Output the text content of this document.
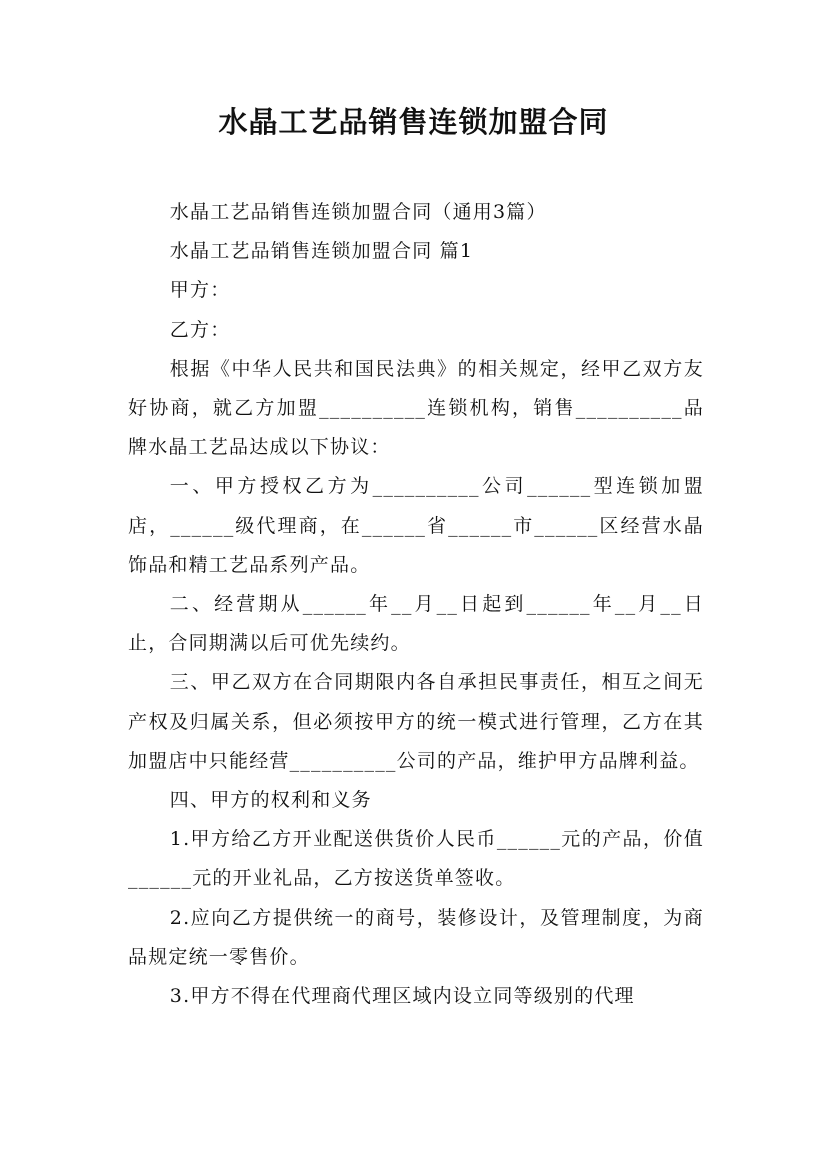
水晶工艺品销售连锁加盟合同

水晶工艺品销售连锁加盟合同（通用3篇）

水晶工艺品销售连锁加盟合同 篇1

甲方：

乙方：

根据《中华人民共和国民法典》的相关规定，经甲乙双方友好协商，就乙方加盟__________连锁机构，销售__________品牌水晶工艺品达成以下协议：

一、甲方授权乙方为__________公司______型连锁加盟店，______级代理商，在______省______市______区经营水晶饰品和精工艺品系列产品。

二、经营期从______年__月__日起到______年__月__日止，合同期满以后可优先续约。

三、甲乙双方在合同期限内各自承担民事责任，相互之间无产权及归属关系，但必须按甲方的统一模式进行管理，乙方在其加盟店中只能经营__________公司的产品，维护甲方品牌利益。

四、甲方的权利和义务

1.甲方给乙方开业配送供货价人民币______元的产品，价值______元的开业礼品，乙方按送货单签收。

2.应向乙方提供统一的商号，装修设计，及管理制度，为商品规定统一零售价。

3.甲方不得在代理商代理区域内设立同等级别的代理
